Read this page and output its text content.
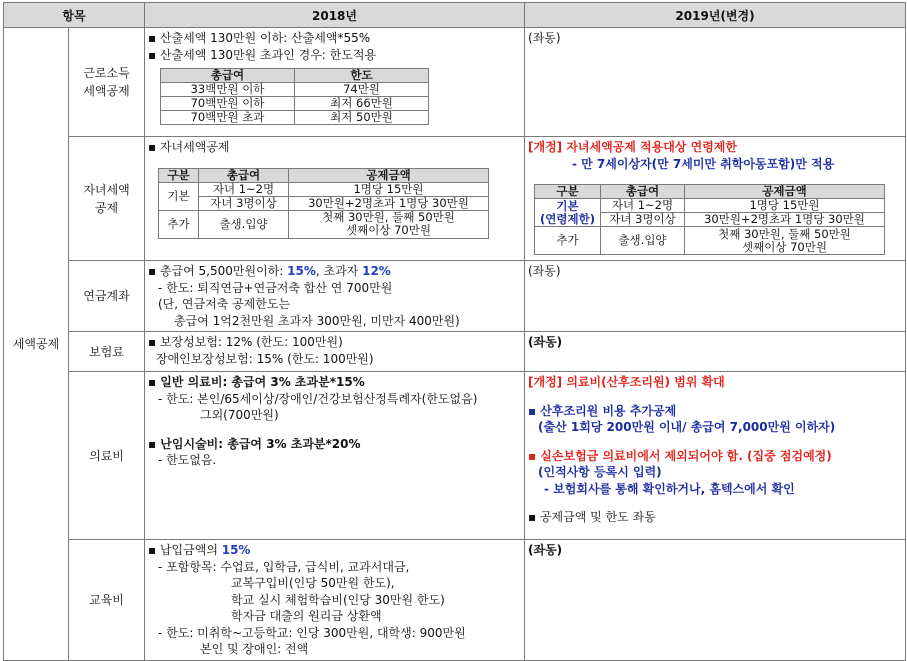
항목	2018년	2019년(변경)
세액공제	근로소득
세액공제	
▪ 산출세액 130만원 이하: 산출세액*55%
▪ 산출세액 130만원 초과인 경우: 한도적용
총급여	한도
33백만원 이하	74만원
70백만원 이하	최저 66만원
70백만원 초과	최저 50만원

(좌동)

자녀세액
공제	
▪ 자녀세액공제
구분	총급여	공제금액
기본	자녀 1~2명	1명당 15만원
자녀 3명이상	30만원+2명초과 1명당 30만원
추가	출생.입양	첫째 30만원, 둘째 50만원
셋째이상 70만원

[개정] 자녀세액공제 적용대상 연령제한
- 만 7세이상자(만 7세미만 취학아동포함)만 적용
구분	총급여	공제금액
기본
(연령제한)	자녀 1~2명	1명당 15만원
자녀 3명이상	30만원+2명초과 1명당 30만원
추가	출생.입양	첫째 30만원, 둘째 50만원
셋째이상 70만원

연금계좌	
▪ 총급여 5,500만원이하: 15%, 초과자 12%
- 한도: 퇴직연금+연금저축 합산 연 700만원
(단, 연금저축 공제한도는
총급여 1억2천만원 초과자 300만원, 미만자 400만원)

(좌동)

보험료	
▪ 보장성보험: 12% (한도: 100만원)
장애인보장성보험: 15% (한도: 100만원)

(좌동)

의료비	
▪ 일반 의료비: 총급여 3% 초과분*15%
- 한도: 본인/65세이상/장애인/건강보험산정특례자(한도없음)
그외(700만원)
▪ 난임시술비: 총급여 3% 초과분*20%
- 한도없음.

[개정] 의료비(산후조리원) 범위 확대
▪ 산후조리원 비용 추가공제
(출산 1회당 200만원 이내/ 총급여 7,000만원 이하자)
▪ 실손보험금 의료비에서 제외되어야 함. (집중 점검예정)
(인적사항 등록시 입력)
- 보험회사를 통해 확인하거나, 홈텍스에서 확인
▪ 공제금액 및 한도 좌동

교육비	
▪ 납입금액의 15%
- 포함항목: 수업료, 입학금, 급식비, 교과서대금,
교복구입비(인당 50만원 한도),
학교 실시 체험학습비(인당 30만원 한도)
학자금 대출의 원리금 상환액
- 한도: 미취학~고등학교: 인당 300만원, 대학생: 900만원
본인 및 장애인: 전액

(좌동)
